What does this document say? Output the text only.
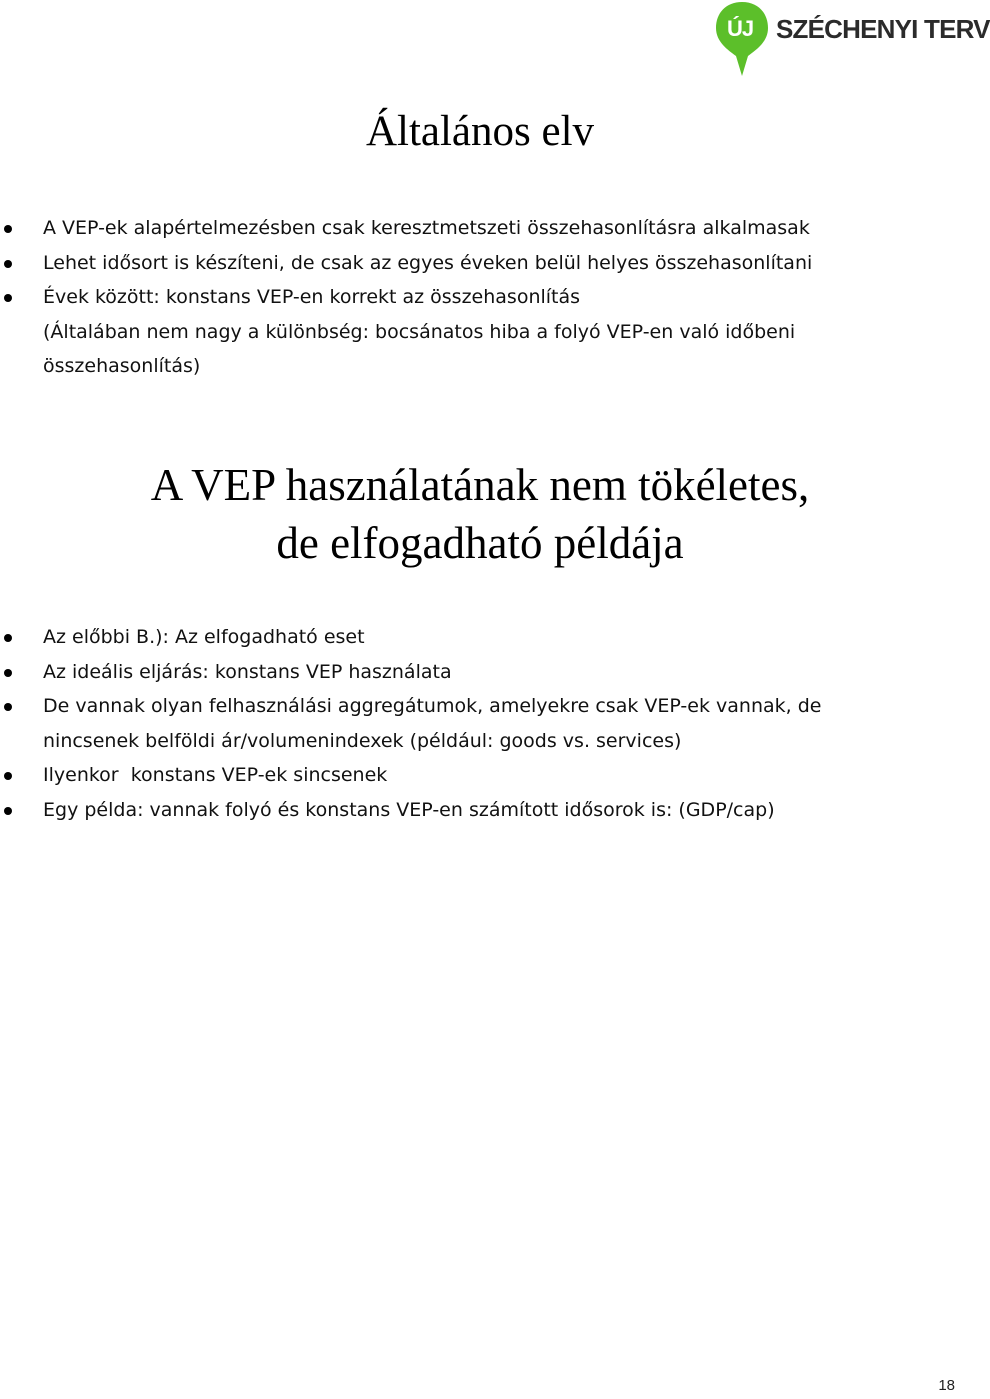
ÚJ SZÉCHENYI TERV
Általános elv
A VEP-ek alapértelmezésben csak keresztmetszeti összehasonlításra alkalmasak
Lehet idősort is készíteni, de csak az egyes éveken belül helyes összehasonlítani
Évek között: konstans VEP-en korrekt az összehasonlítás
(Általában nem nagy a különbség: bocsánatos hiba a folyó VEP-en való időbeni
összehasonlítás)
A VEP használatának nem tökéletes,
de elfogadható példája
Az előbbi B.): Az elfogadható eset
Az ideális eljárás: konstans VEP használata
De vannak olyan felhasználási aggregátumok, amelyekre csak VEP-ek vannak, de
nincsenek belföldi ár/volumenindexek (például: goods vs. services)
Ilyenkor  konstans VEP-ek sincsenek
Egy példa: vannak folyó és konstans VEP-en számított idősorok is: (GDP/cap)
18
